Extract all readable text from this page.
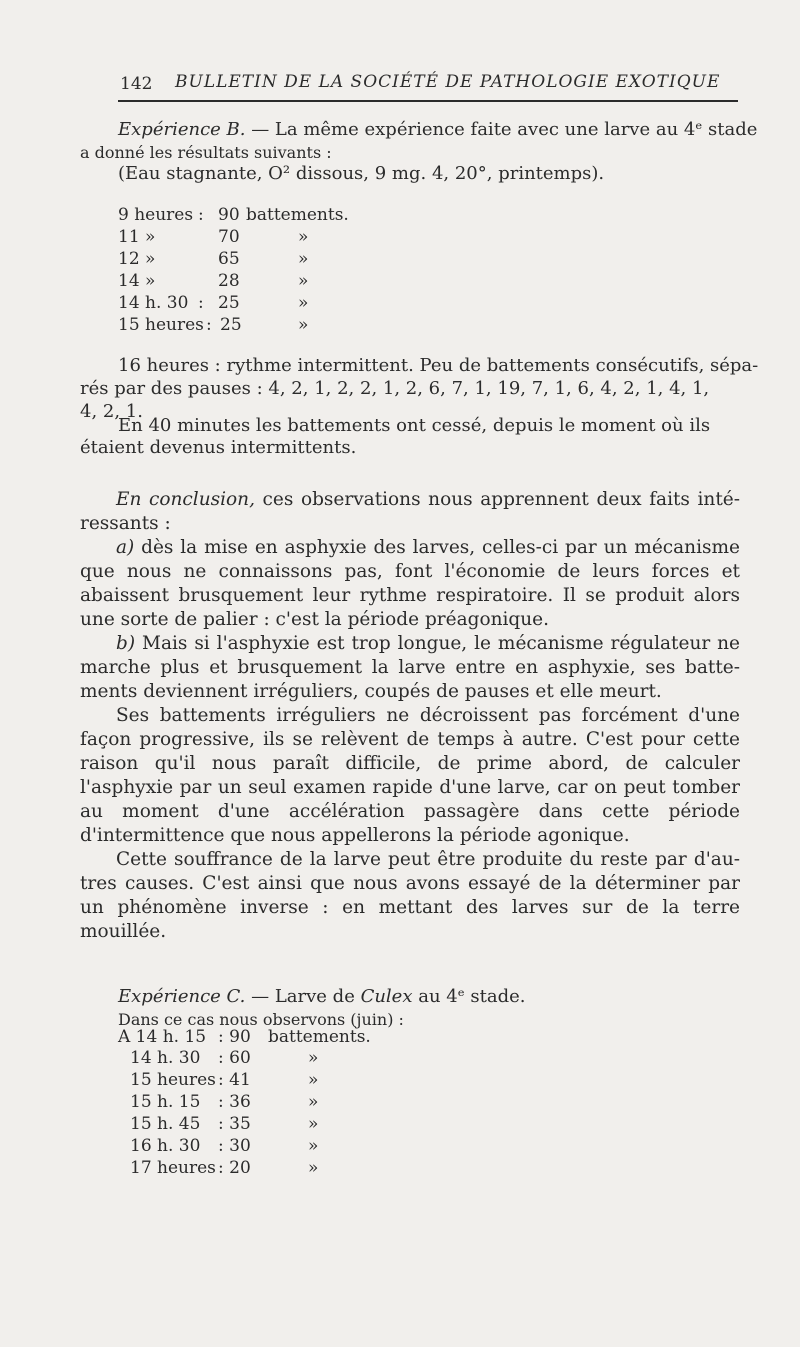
142 BULLETIN DE LA SOCIÉTÉ DE PATHOLOGIE EXOTIQUE
Expérience B. — La même expérience faite avec une larve au 4ᵉ stade
a donné les résultats suivants :
(Eau stagnante, O² dissous, 9 mg. 4, 20°, printemps).
9 heures : 90 battements.
11 »	70	»
12 »	65	»
14 »	28	»
14 h. 30 : 25	»
15 heures : 25	»
16 heures : rythme intermittent. Peu de battements consécutifs, sépa-
rés par des pauses : 4, 2, 1, 2, 2, 1, 2, 6, 7, 1, 19, 7, 1, 6, 4, 2, 1, 4, 1,
4, 2, 1.
En 40 minutes les battements ont cessé, depuis le moment où ils
étaient devenus intermittents.

En conclusion, ces observations nous apprennent deux faits intéressants :

a) dès la mise en asphyxie des larves, celles-ci par un mécanisme que nous ne connaissons pas, font l'économie de leurs forces et abaissent brusquement leur rythme respiratoire. Il se produit alors une sorte de palier : c'est la période préagonique.

b) Mais si l'asphyxie est trop longue, le mécanisme régulateur ne marche plus et brusquement la larve entre en asphyxie, ses battements deviennent irréguliers, coupés de pauses et elle meurt.

Ses battements irréguliers ne décroissent pas forcément d'une façon progressive, ils se relèvent de temps à autre. C'est pour cette raison qu'il nous paraît difficile, de prime abord, de calculer l'asphyxie par un seul examen rapide d'une larve, car on peut tomber au moment d'une accélération passagère dans cette période d'intermittence que nous appellerons la période agonique.

Cette souffrance de la larve peut être produite du reste par d'autres causes. C'est ainsi que nous avons essayé de la déterminer par un phénomène inverse : en mettant des larves sur de la terre mouillée.

Expérience C. — Larve de Culex au 4ᵉ stade.
Dans ce cas nous observons (juin) :
A 14 h. 15 : 90 battements.
14 h. 30 : 60	»
15 heures : 41	»
15 h. 15 : 36	»
15 h. 45 : 35	»
16 h. 30 : 30	»
17 heures : 20	»
